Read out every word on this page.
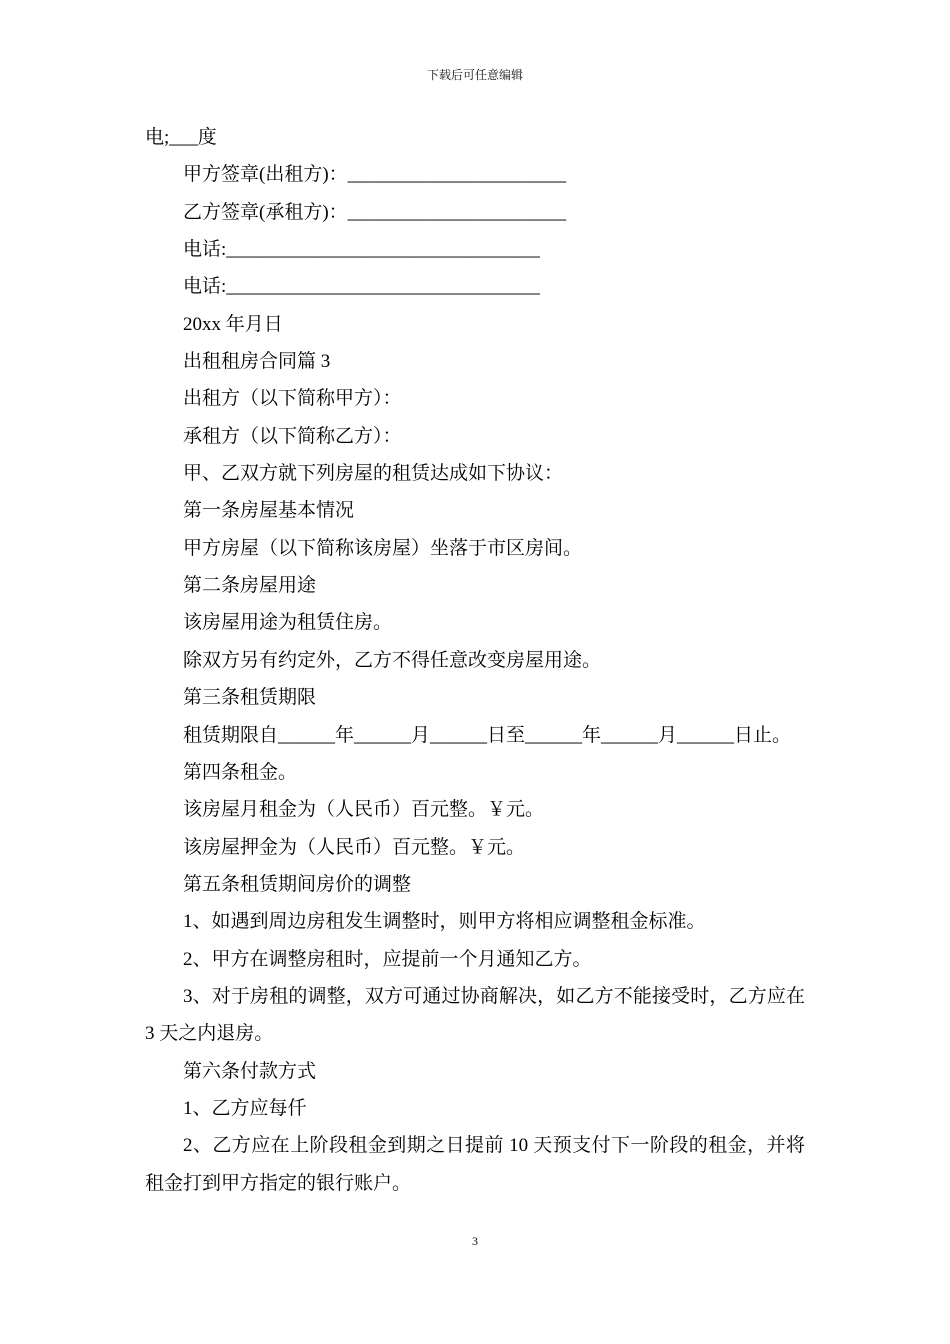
下载后可任意编辑

电;___度

甲方签章(出租方)：_______________________

乙方签章(承租方)：_______________________

电话:_________________________________

电话:_________________________________

20xx 年月日

出租租房合同篇 3

出租方（以下简称甲方）：

承租方（以下简称乙方）：

甲、乙双方就下列房屋的租赁达成如下协议：

第一条房屋基本情况

甲方房屋（以下简称该房屋）坐落于市区房间。

第二条房屋用途

该房屋用途为租赁住房。

除双方另有约定外，乙方不得任意改变房屋用途。

第三条租赁期限

租赁期限自______年______月______日至______年______月______日止。

第四条租金。

该房屋月租金为（人民币）百元整。￥元。

该房屋押金为（人民币）百元整。￥元。

第五条租赁期间房价的调整

1、如遇到周边房租发生调整时，则甲方将相应调整租金标准。

2、甲方在调整房租时，应提前一个月通知乙方。

3、对于房租的调整，双方可通过协商解决，如乙方不能接受时，乙方应在

3 天之内退房。

第六条付款方式

1、乙方应每仟

2、乙方应在上阶段租金到期之日提前 10 天预支付下一阶段的租金，并将

租金打到甲方指定的银行账户。

3
